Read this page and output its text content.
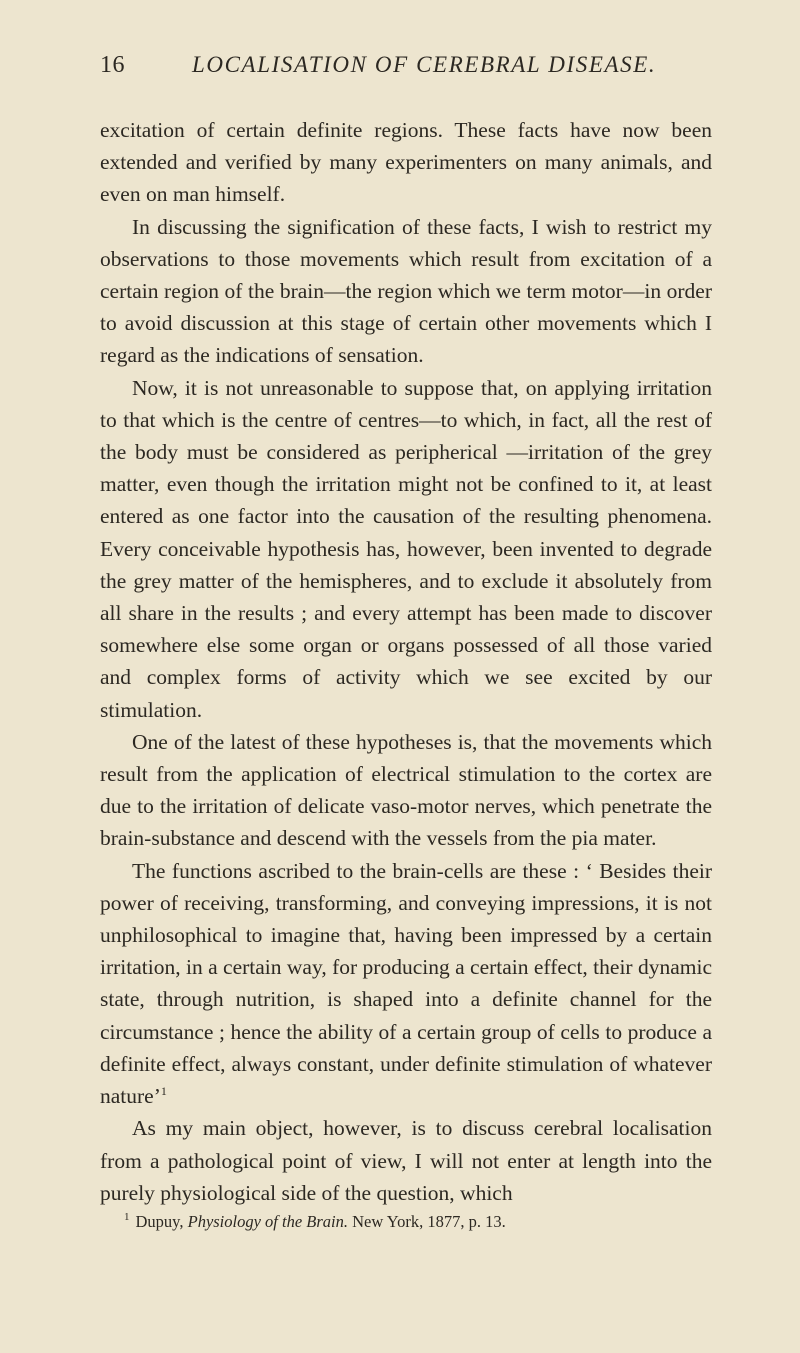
16	LOCALISATION OF CEREBRAL DISEASE.

excitation of certain definite regions. These facts have now been extended and verified by many experimenters on many animals, and even on man himself.

In discussing the signification of these facts, I wish to restrict my observations to those movements which result from excitation of a certain region of the brain—the region which we term motor—in order to avoid discussion at this stage of certain other movements which I regard as the indications of sensation.

Now, it is not unreasonable to suppose that, on applying irritation to that which is the centre of centres—to which, in fact, all the rest of the body must be considered as peripherical —irritation of the grey matter, even though the irritation might not be confined to it, at least entered as one factor into the causation of the resulting phenomena. Every conceivable hypothesis has, however, been invented to degrade the grey matter of the hemispheres, and to exclude it absolutely from all share in the results ; and every attempt has been made to discover somewhere else some organ or organs possessed of all those varied and complex forms of activity which we see excited by our stimulation.

One of the latest of these hypotheses is, that the movements which result from the application of electrical stimulation to the cortex are due to the irritation of delicate vaso-motor nerves, which penetrate the brain-substance and descend with the vessels from the pia mater.

The functions ascribed to the brain-cells are these : ‘ Besides their power of receiving, transforming, and conveying impressions, it is not unphilosophical to imagine that, having been impressed by a certain irritation, in a certain way, for producing a certain effect, their dynamic state, through nutrition, is shaped into a definite channel for the circumstance ; hence the ability of a certain group of cells to produce a definite effect, always constant, under definite stimulation of whatever nature’$^1$

As my main object, however, is to discuss cerebral localisation from a pathological point of view, I will not enter at length into the purely physiological side of the question, which

$^1$ Dupuy, Physiology of the Brain. New York, 1877, p. 13.
